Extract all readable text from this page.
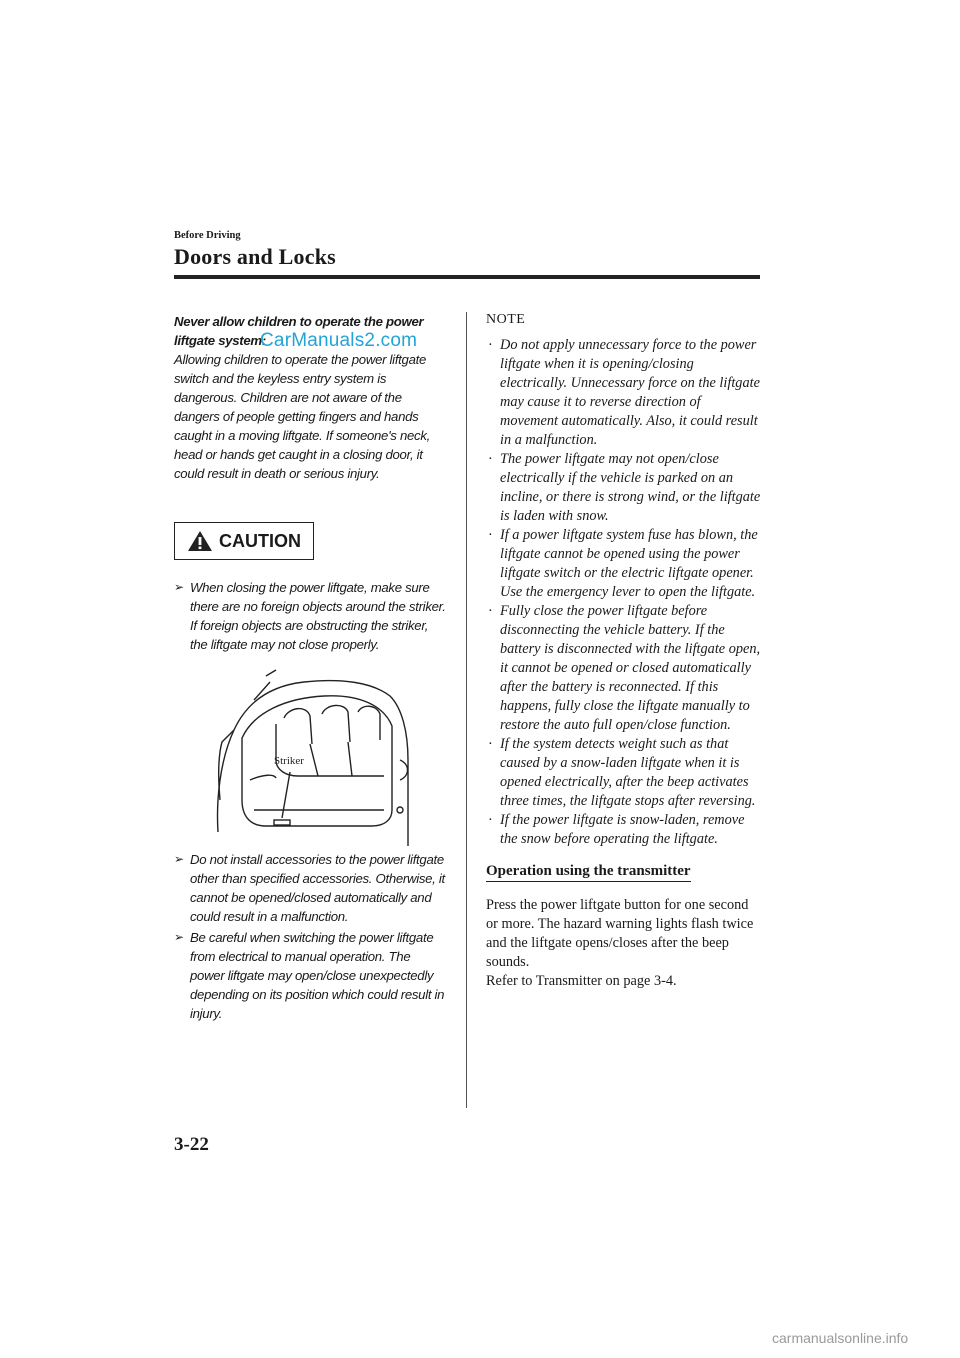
Before Driving
Doors and Locks

Never allow children to operate the power liftgate system:

Allowing children to operate the power liftgate switch and the keyless entry system is dangerous. Children are not aware of the dangers of people getting fingers and hands caught in a moving liftgate. If someone's neck, head or hands get caught in a closing door, it could result in death or serious injury.

CarManuals2.com
CAUTION

➢ When closing the power liftgate, make sure there are no foreign objects around the striker. If foreign objects are obstructing the striker, the liftgate may not close properly.

Striker

➢ Do not install accessories to the power liftgate other than specified accessories. Otherwise, it cannot be opened/closed automatically and could result in a malfunction.

➢ Be careful when switching the power liftgate from electrical to manual operation. The power liftgate may open/close unexpectedly depending on its position which could result in injury.

NOTE

· Do not apply unnecessary force to the power liftgate when it is opening/closing electrically. Unnecessary force on the liftgate may cause it to reverse direction of movement automatically. Also, it could result in a malfunction.

· The power liftgate may not open/close electrically if the vehicle is parked on an incline, or there is strong wind, or the liftgate is laden with snow.

· If a power liftgate system fuse has blown, the liftgate cannot be opened using the power liftgate switch or the electric liftgate opener. Use the emergency lever to open the liftgate.

· Fully close the power liftgate before disconnecting the vehicle battery. If the battery is disconnected with the liftgate open, it cannot be opened or closed automatically after the battery is reconnected. If this happens, fully close the liftgate manually to restore the auto full open/close function.

· If the system detects weight such as that caused by a snow-laden liftgate when it is opened electrically, after the beep activates three times, the liftgate stops after reversing.

· If the power liftgate is snow-laden, remove the snow before operating the liftgate.

Operation using the transmitter

Press the power liftgate button for one second or more. The hazard warning lights flash twice and the liftgate opens/closes after the beep sounds.

Refer to Transmitter on page 3-4.

3-22
carmanualsonline.info
